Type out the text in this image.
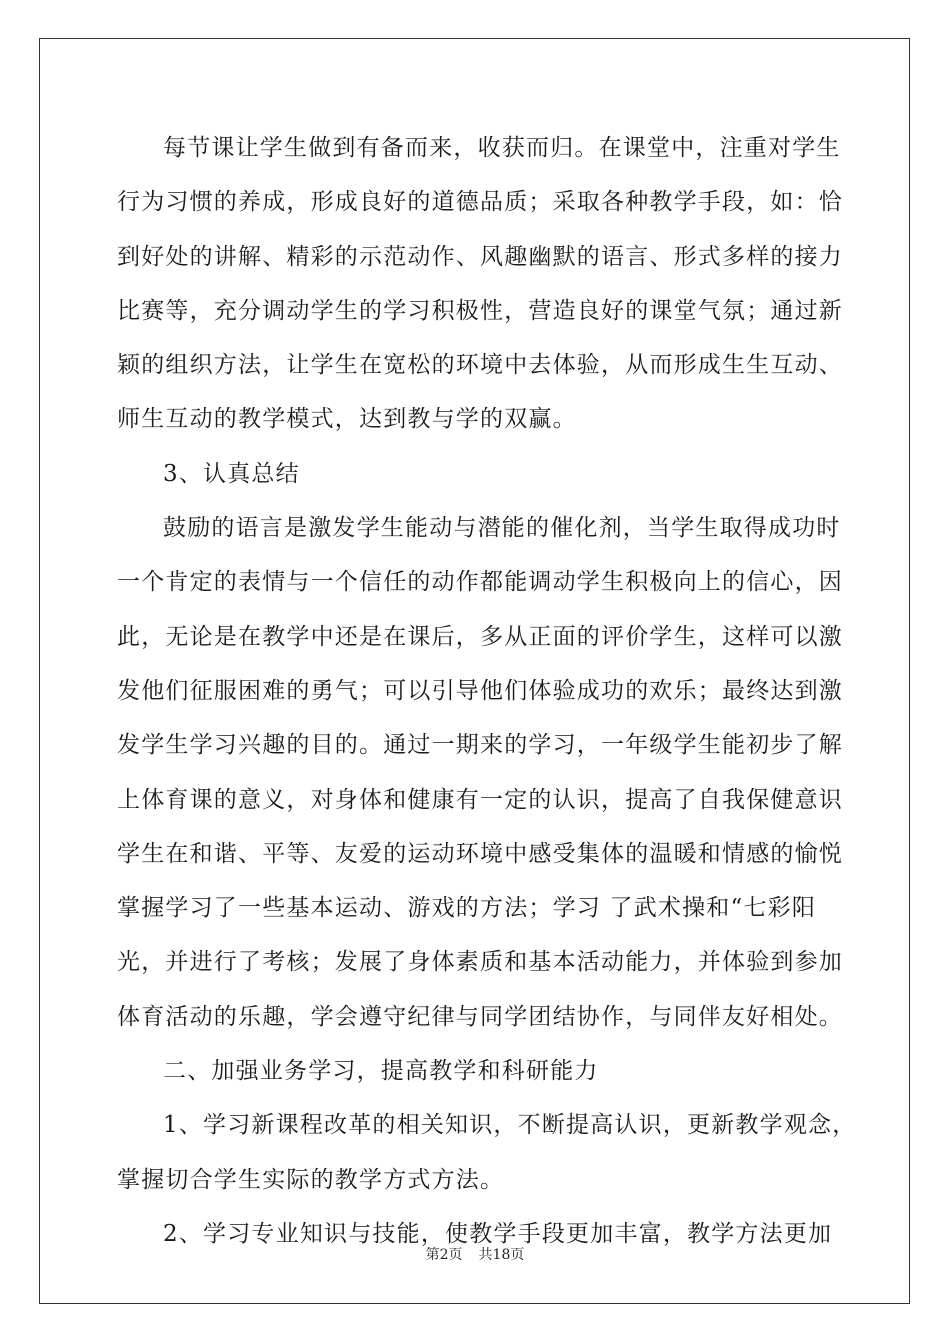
每节课让学生做到有备而来，收获而归。在课堂中，注重对学生
行为习惯的养成，形成良好的道德品质；采取各种教学手段，如：恰
到好处的讲解、精彩的示范动作、风趣幽默的语言、形式多样的接力
比赛等，充分调动学生的学习积极性，营造良好的课堂气氛；通过新
颖的组织方法，让学生在宽松的环境中去体验，从而形成生生互动、
师生互动的教学模式，达到教与学的双赢。
3、认真总结
鼓励的语言是激发学生能动与潜能的催化剂，当学生取得成功时
一个肯定的表情与一个信任的动作都能调动学生积极向上的信心，因
此，无论是在教学中还是在课后，多从正面的评价学生，这样可以激
发他们征服困难的勇气；可以引导他们体验成功的欢乐；最终达到激
发学生学习兴趣的目的。通过一期来的学习，一年级学生能初步了解
上体育课的意义，对身体和健康有一定的认识，提高了自我保健意识
学生在和谐、平等、友爱的运动环境中感受集体的温暖和情感的愉悦
掌握学习了一些基本运动、游戏的方法；学习 了武术操和“七彩阳
光，并进行了考核；发展了身体素质和基本活动能力，并体验到参加
体育活动的乐趣，学会遵守纪律与同学团结协作，与同伴友好相处。
二、加强业务学习，提高教学和科研能力
1、学习新课程改革的相关知识，不断提高认识，更新教学观念，
掌握切合学生实际的教学方式方法。
2、学习专业知识与技能，使教学手段更加丰富，教学方法更加
第2页 共18页
